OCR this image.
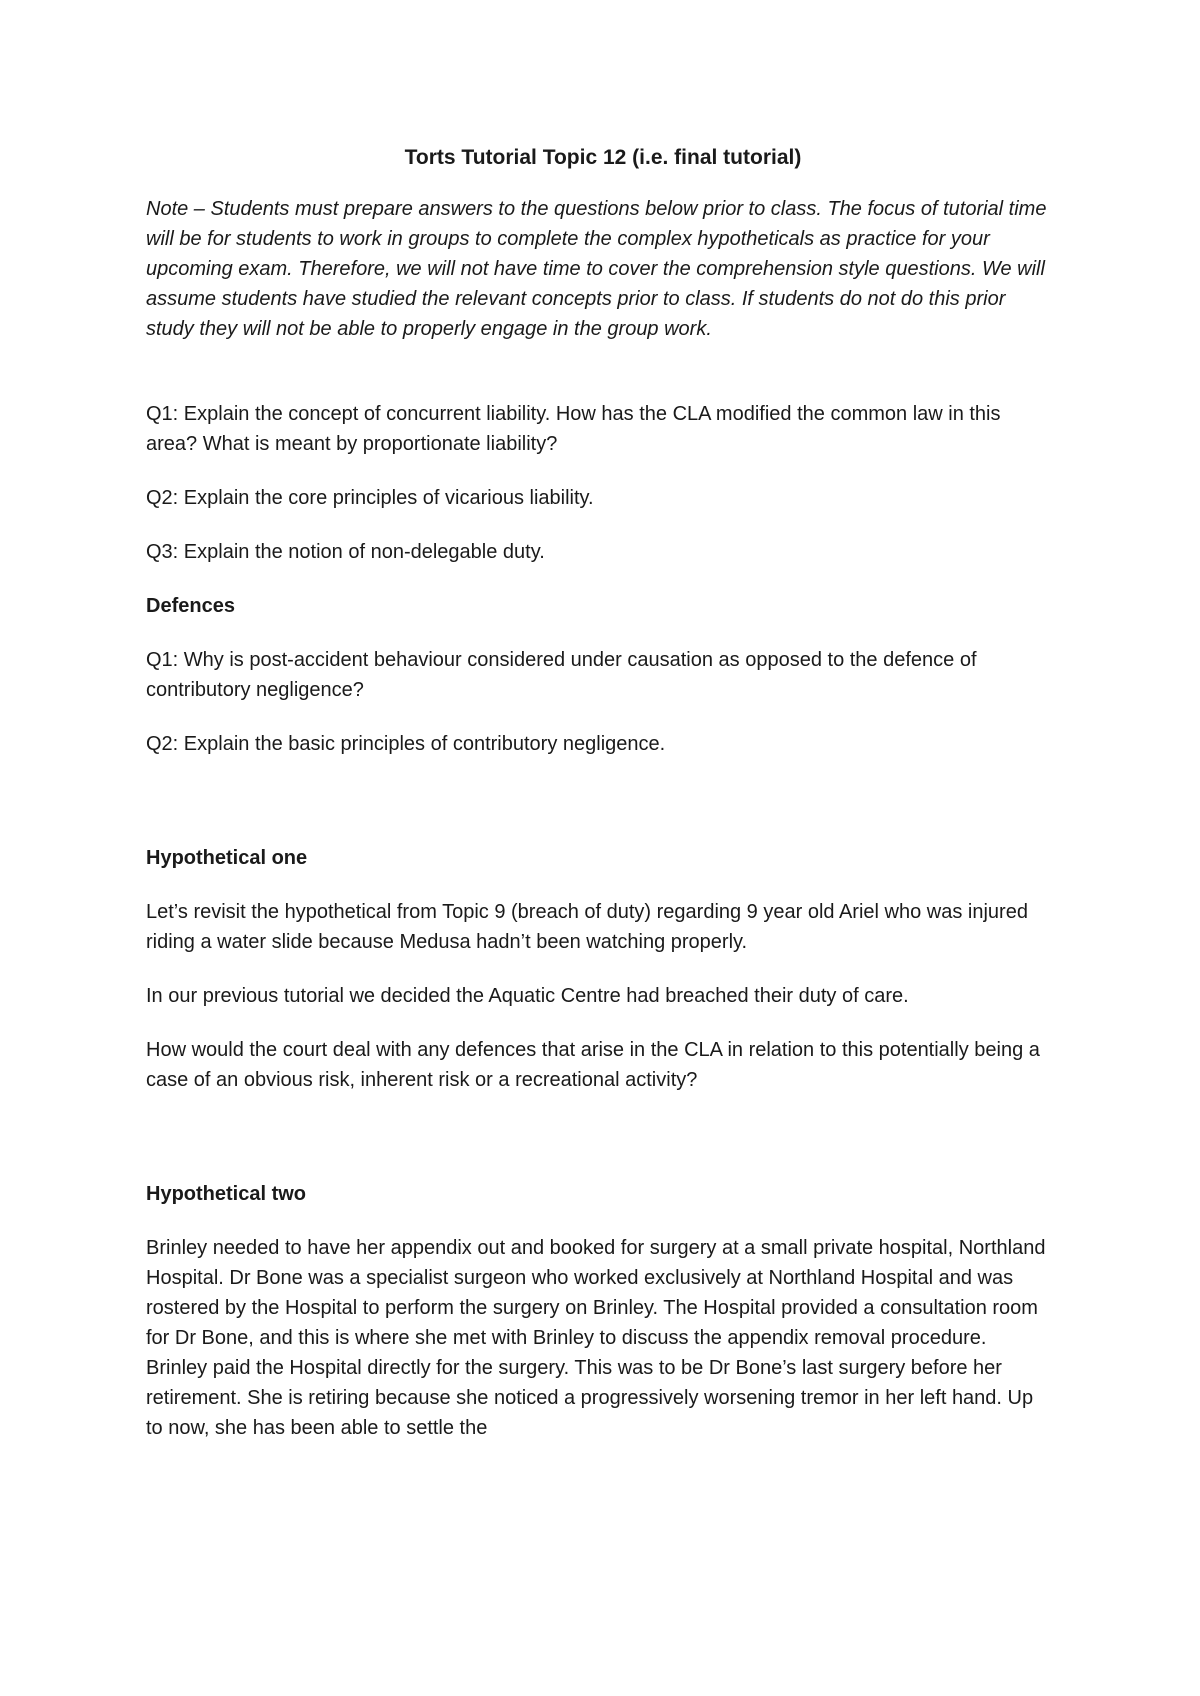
Torts Tutorial Topic 12 (i.e. final tutorial)

Note – Students must prepare answers to the questions below prior to class. The focus of tutorial time will be for students to work in groups to complete the complex hypotheticals as practice for your upcoming exam. Therefore, we will not have time to cover the comprehension style questions. We will assume students have studied the relevant concepts prior to class. If students do not do this prior study they will not be able to properly engage in the group work.

Q1: Explain the concept of concurrent liability. How has the CLA modified the common law in this area? What is meant by proportionate liability?

Q2: Explain the core principles of vicarious liability.

Q3: Explain the notion of non-delegable duty.

Defences

Q1: Why is post-accident behaviour considered under causation as opposed to the defence of contributory negligence?

Q2: Explain the basic principles of contributory negligence.

Hypothetical one

Let’s revisit the hypothetical from Topic 9 (breach of duty) regarding 9 year old Ariel who was injured riding a water slide because Medusa hadn’t been watching properly.

In our previous tutorial we decided the Aquatic Centre had breached their duty of care.

How would the court deal with any defences that arise in the CLA in relation to this potentially being a case of an obvious risk, inherent risk or a recreational activity?

Hypothetical two

Brinley needed to have her appendix out and booked for surgery at a small private hospital, Northland Hospital. Dr Bone was a specialist surgeon who worked exclusively at Northland Hospital and was rostered by the Hospital to perform the surgery on Brinley. The Hospital provided a consultation room for Dr Bone, and this is where she met with Brinley to discuss the appendix removal procedure. Brinley paid the Hospital directly for the surgery. This was to be Dr Bone’s last surgery before her retirement. She is retiring because she noticed a progressively worsening tremor in her left hand. Up to now, she has been able to settle the
